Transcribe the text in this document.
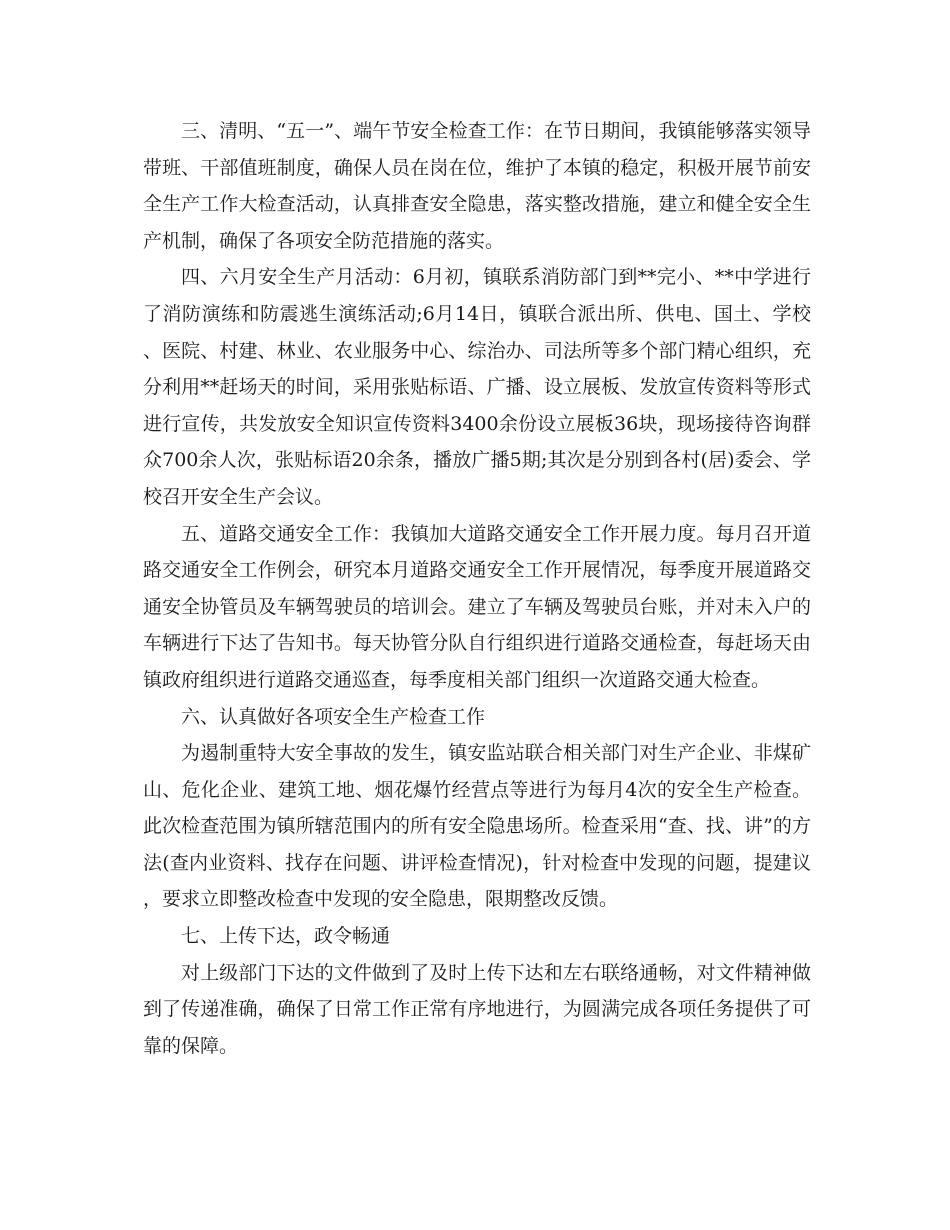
三、清明、“五一”、端午节安全检查工作：在节日期间，我镇能够落实领导带班、干部值班制度，确保人员在岗在位，维护了本镇的稳定，积极开展节前安全生产工作大检查活动，认真排查安全隐患，落实整改措施，建立和健全安全生产机制，确保了各项安全防范措施的落实。

四、六月安全生产月活动：6月初，镇联系消防部门到**完小、**中学进行了消防演练和防震逃生演练活动;6月14日，镇联合派出所、供电、国土、学校、医院、村建、林业、农业服务中心、综治办、司法所等多个部门精心组织，充分利用**赶场天的时间，采用张贴标语、广播、设立展板、发放宣传资料等形式进行宣传，共发放安全知识宣传资料3400余份设立展板36块，现场接待咨询群众700余人次，张贴标语20余条，播放广播5期;其次是分别到各村(居)委会、学校召开安全生产会议。

五、道路交通安全工作：我镇加大道路交通安全工作开展力度。每月召开道路交通安全工作例会，研究本月道路交通安全工作开展情况，每季度开展道路交通安全协管员及车辆驾驶员的培训会。建立了车辆及驾驶员台账，并对未入户的车辆进行下达了告知书。每天协管分队自行组织进行道路交通检查，每赶场天由镇政府组织进行道路交通巡查，每季度相关部门组织一次道路交通大检查。

六、认真做好各项安全生产检查工作

为遏制重特大安全事故的发生，镇安监站联合相关部门对生产企业、非煤矿山、危化企业、建筑工地、烟花爆竹经营点等进行为每月4次的安全生产检查。此次检查范围为镇所辖范围内的所有安全隐患场所。检查采用“查、找、讲”的方法(查内业资料、找存在问题、讲评检查情况)，针对检查中发现的问题，提建议，要求立即整改检查中发现的安全隐患，限期整改反馈。

七、上传下达，政令畅通

对上级部门下达的文件做到了及时上传下达和左右联络通畅，对文件精神做到了传递准确，确保了日常工作正常有序地进行，为圆满完成各项任务提供了可靠的保障。
